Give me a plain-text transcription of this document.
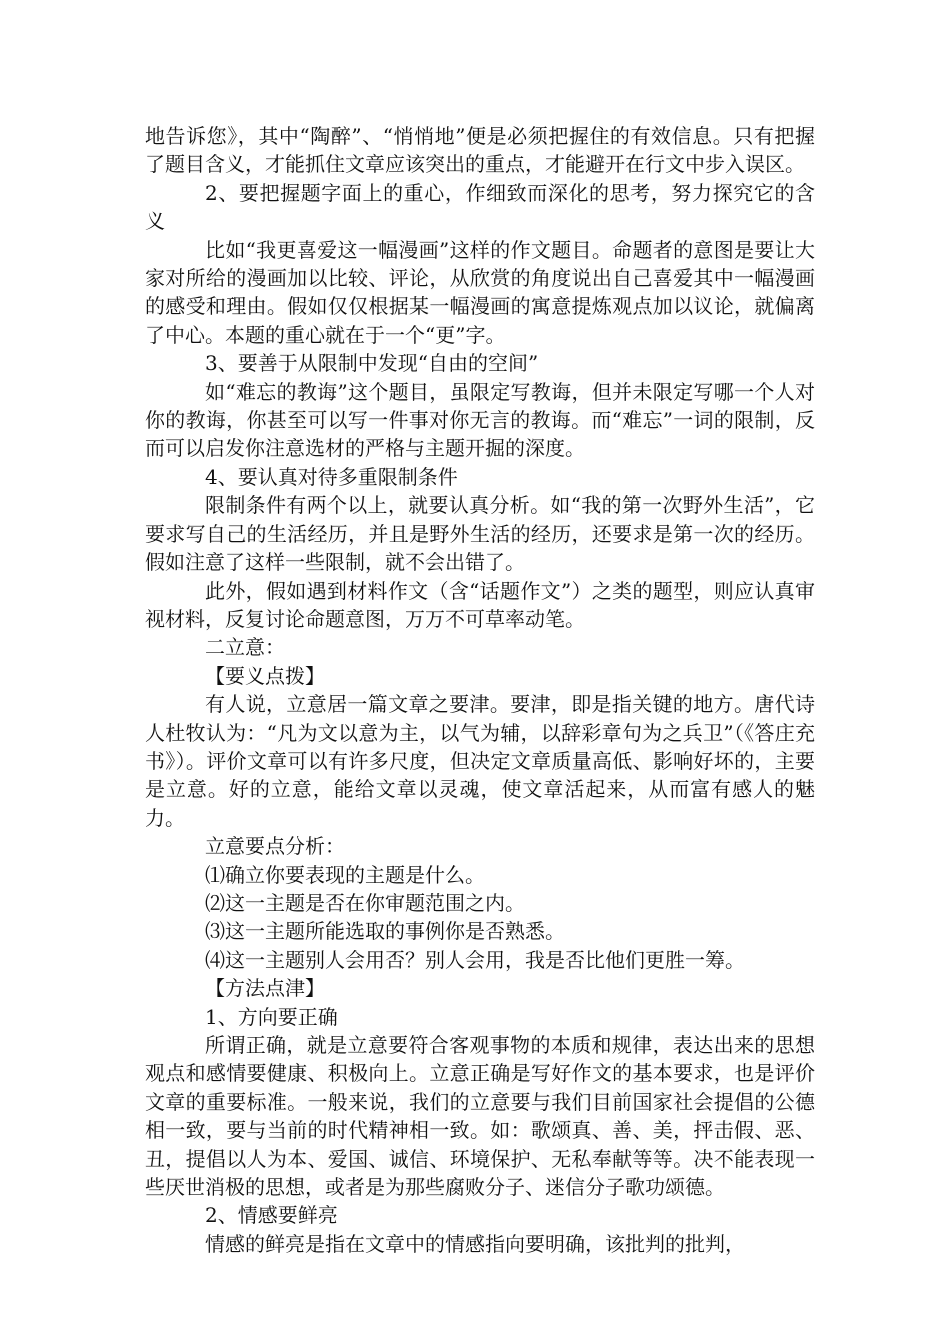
地告诉您》，其中“陶醉”、“悄悄地”便是必须把握住的有效信息。只有把握了题目含义，才能抓住文章应该突出的重点，才能避开在行文中步入误区。

2、要把握题字面上的重心，作细致而深化的思考，努力探究它的含义

比如“我更喜爱这一幅漫画”这样的作文题目。命题者的意图是要让大家对所给的漫画加以比较、评论，从欣赏的角度说出自己喜爱其中一幅漫画的感受和理由。假如仅仅根据某一幅漫画的寓意提炼观点加以议论，就偏离了中心。本题的重心就在于一个“更”字。

3、要善于从限制中发现“自由的空间”

如“难忘的教诲”这个题目，虽限定写教诲，但并未限定写哪一个人对你的教诲，你甚至可以写一件事对你无言的教诲。而“难忘”一词的限制，反而可以启发你注意选材的严格与主题开掘的深度。

4、要认真对待多重限制条件

限制条件有两个以上，就要认真分析。如“我的第一次野外生活”，它要求写自己的生活经历，并且是野外生活的经历，还要求是第一次的经历。假如注意了这样一些限制，就不会出错了。

此外，假如遇到材料作文（含“话题作文”）之类的题型，则应认真审视材料，反复讨论命题意图，万万不可草率动笔。

二立意：

【要义点拨】

有人说，立意居一篇文章之要津。要津，即是指关键的地方。唐代诗人杜牧认为：“凡为文以意为主，以气为辅，以辞彩章句为之兵卫”（《答庄充书》）。评价文章可以有许多尺度，但决定文章质量高低、影响好坏的，主要是立意。好的立意，能给文章以灵魂，使文章活起来，从而富有感人的魅力。

立意要点分析：

⑴确立你要表现的主题是什么。

⑵这一主题是否在你审题范围之内。

⑶这一主题所能选取的事例你是否熟悉。

⑷这一主题别人会用否？别人会用，我是否比他们更胜一筹。

【方法点津】

1、方向要正确

所谓正确，就是立意要符合客观事物的本质和规律，表达出来的思想观点和感情要健康、积极向上。立意正确是写好作文的基本要求，也是评价文章的重要标准。一般来说，我们的立意要与我们目前国家社会提倡的公德相一致，要与当前的时代精神相一致。如：歌颂真、善、美，抨击假、恶、丑，提倡以人为本、爱国、诚信、环境保护、无私奉献等等。决不能表现一些厌世消极的思想，或者是为那些腐败分子、迷信分子歌功颂德。

2、情感要鲜亮

情感的鲜亮是指在文章中的情感指向要明确，该批判的批判，
